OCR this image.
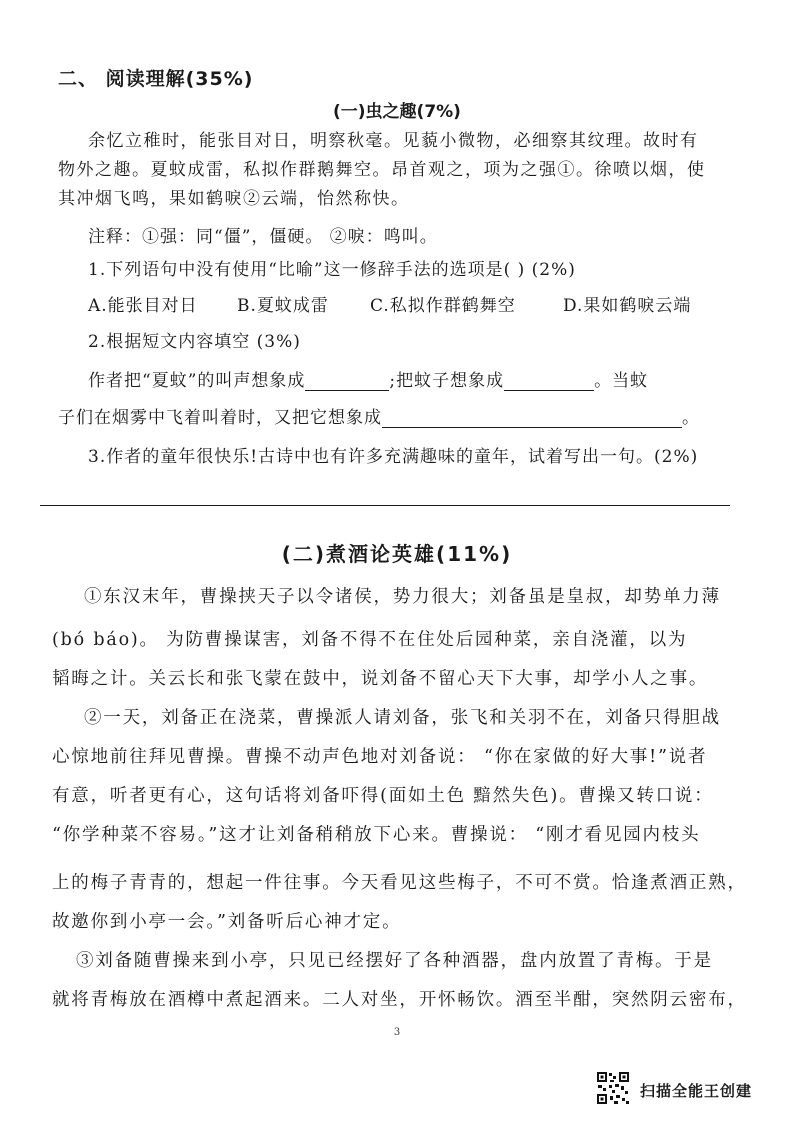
二、 阅读理解(35%)
(一)虫之趣(7%)
余忆立稚时，能张目对日，明察秋毫。见藐小微物，必细察其纹理。故时有
物外之趣。夏蚊成雷，私拟作群鹅舞空。昂首观之，项为之强①。徐喷以烟，使
其冲烟飞鸣，果如鹤唳②云端，怡然称快。
注释：①强：同“僵”，僵硬。 ②唳：鸣叫。
1.下列语句中没有使用“比喻”这一修辞手法的选项是( ) (2%)
A.能张目对日 B.夏蚊成雷 C.私拟作群鹤舞空	D.果如鹤唳云端
2.根据短文内容填空 (3%)
作者把“夏蚊”的叫声想象成	;把蚊子想象成	。当蚊
子们在烟雾中飞着叫着时，又把它想象成	。
3.作者的童年很快乐!古诗中也有许多充满趣味的童年，试着写出一句。(2%)
(二)煮酒论英雄(11%)
①东汉末年，曹操挟天子以令诸侯，势力很大；刘备虽是皇叔，却势单力薄
(bó báo)。 为防曹操谋害，刘备不得不在住处后园种菜，亲自浇灌，以为
韬晦之计。关云长和张飞蒙在鼓中，说刘备不留心天下大事，却学小人之事。
②一天，刘备正在浇菜，曹操派人请刘备，张飞和关羽不在，刘备只得胆战
心惊地前往拜见曹操。曹操不动声色地对刘备说： “你在家做的好大事!”说者
有意，听者更有心，这句话将刘备吓得(面如土色 黯然失色)。曹操又转口说：
“你学种菜不容易。”这才让刘备稍稍放下心来。曹操说： “刚才看见园内枝头
上的梅子青青的，想起一件往事。今天看见这些梅子，不可不赏。恰逢煮酒正熟，
故邀你到小亭一会。”刘备听后心神才定。
③刘备随曹操来到小亭，只见已经摆好了各种酒器，盘内放置了青梅。于是
就将青梅放在酒樽中煮起酒来。二人对坐，开怀畅饮。酒至半酣，突然阴云密布，
3
扫描全能王创建
